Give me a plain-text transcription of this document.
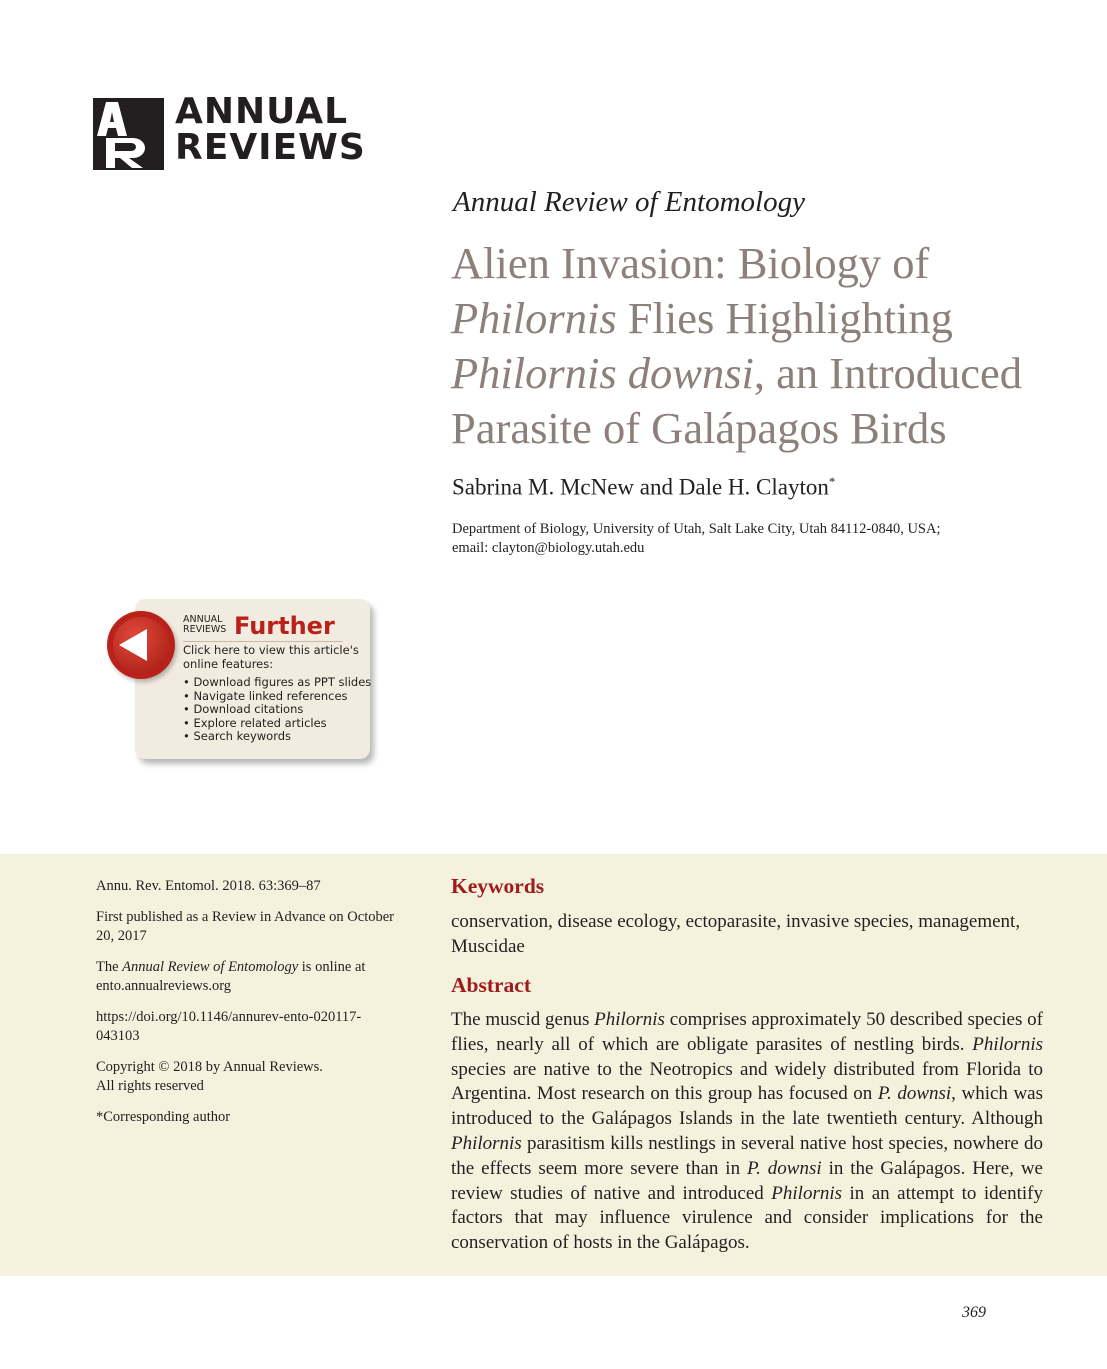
AR ANNUAL
REVIEWS
Annual Review of Entomology
Alien Invasion: Biology of
Philornis Flies Highlighting
Philornis downsi, an Introduced
Parasite of Galápagos Birds
Sabrina M. McNew and Dale H. Clayton*
Department of Biology, University of Utah, Salt Lake City, Utah 84112-0840, USA;
email: clayton@biology.utah.edu
ANNUAL
REVIEWS Further
Click here to view this article's online features:
• Download figures as PPT slides
• Navigate linked references
• Download citations
• Explore related articles
• Search keywords

Annu. Rev. Entomol. 2018. 63:369–87

First published as a Review in Advance on October 20, 2017

The Annual Review of Entomology is online at ento.annualreviews.org

https://doi.org/10.1146/annurev-ento-020117-043103

Copyright © 2018 by Annual Reviews.
All rights reserved

*Corresponding author

Keywords
conservation, disease ecology, ectoparasite, invasive species, management, Muscidae
Abstract
The muscid genus Philornis comprises approximately 50 described species of flies, nearly all of which are obligate parasites of nestling birds. Philornis species are native to the Neotropics and widely distributed from Florida to Argentina. Most research on this group has focused on P. downsi, which was introduced to the Galápagos Islands in the late twentieth century. Although Philornis parasitism kills nestlings in several native host species, nowhere do the effects seem more severe than in P. downsi in the Galápagos. Here, we review studies of native and introduced Philornis in an attempt to identify factors that may influence virulence and consider implications for the conservation of hosts in the Galápagos.
369
